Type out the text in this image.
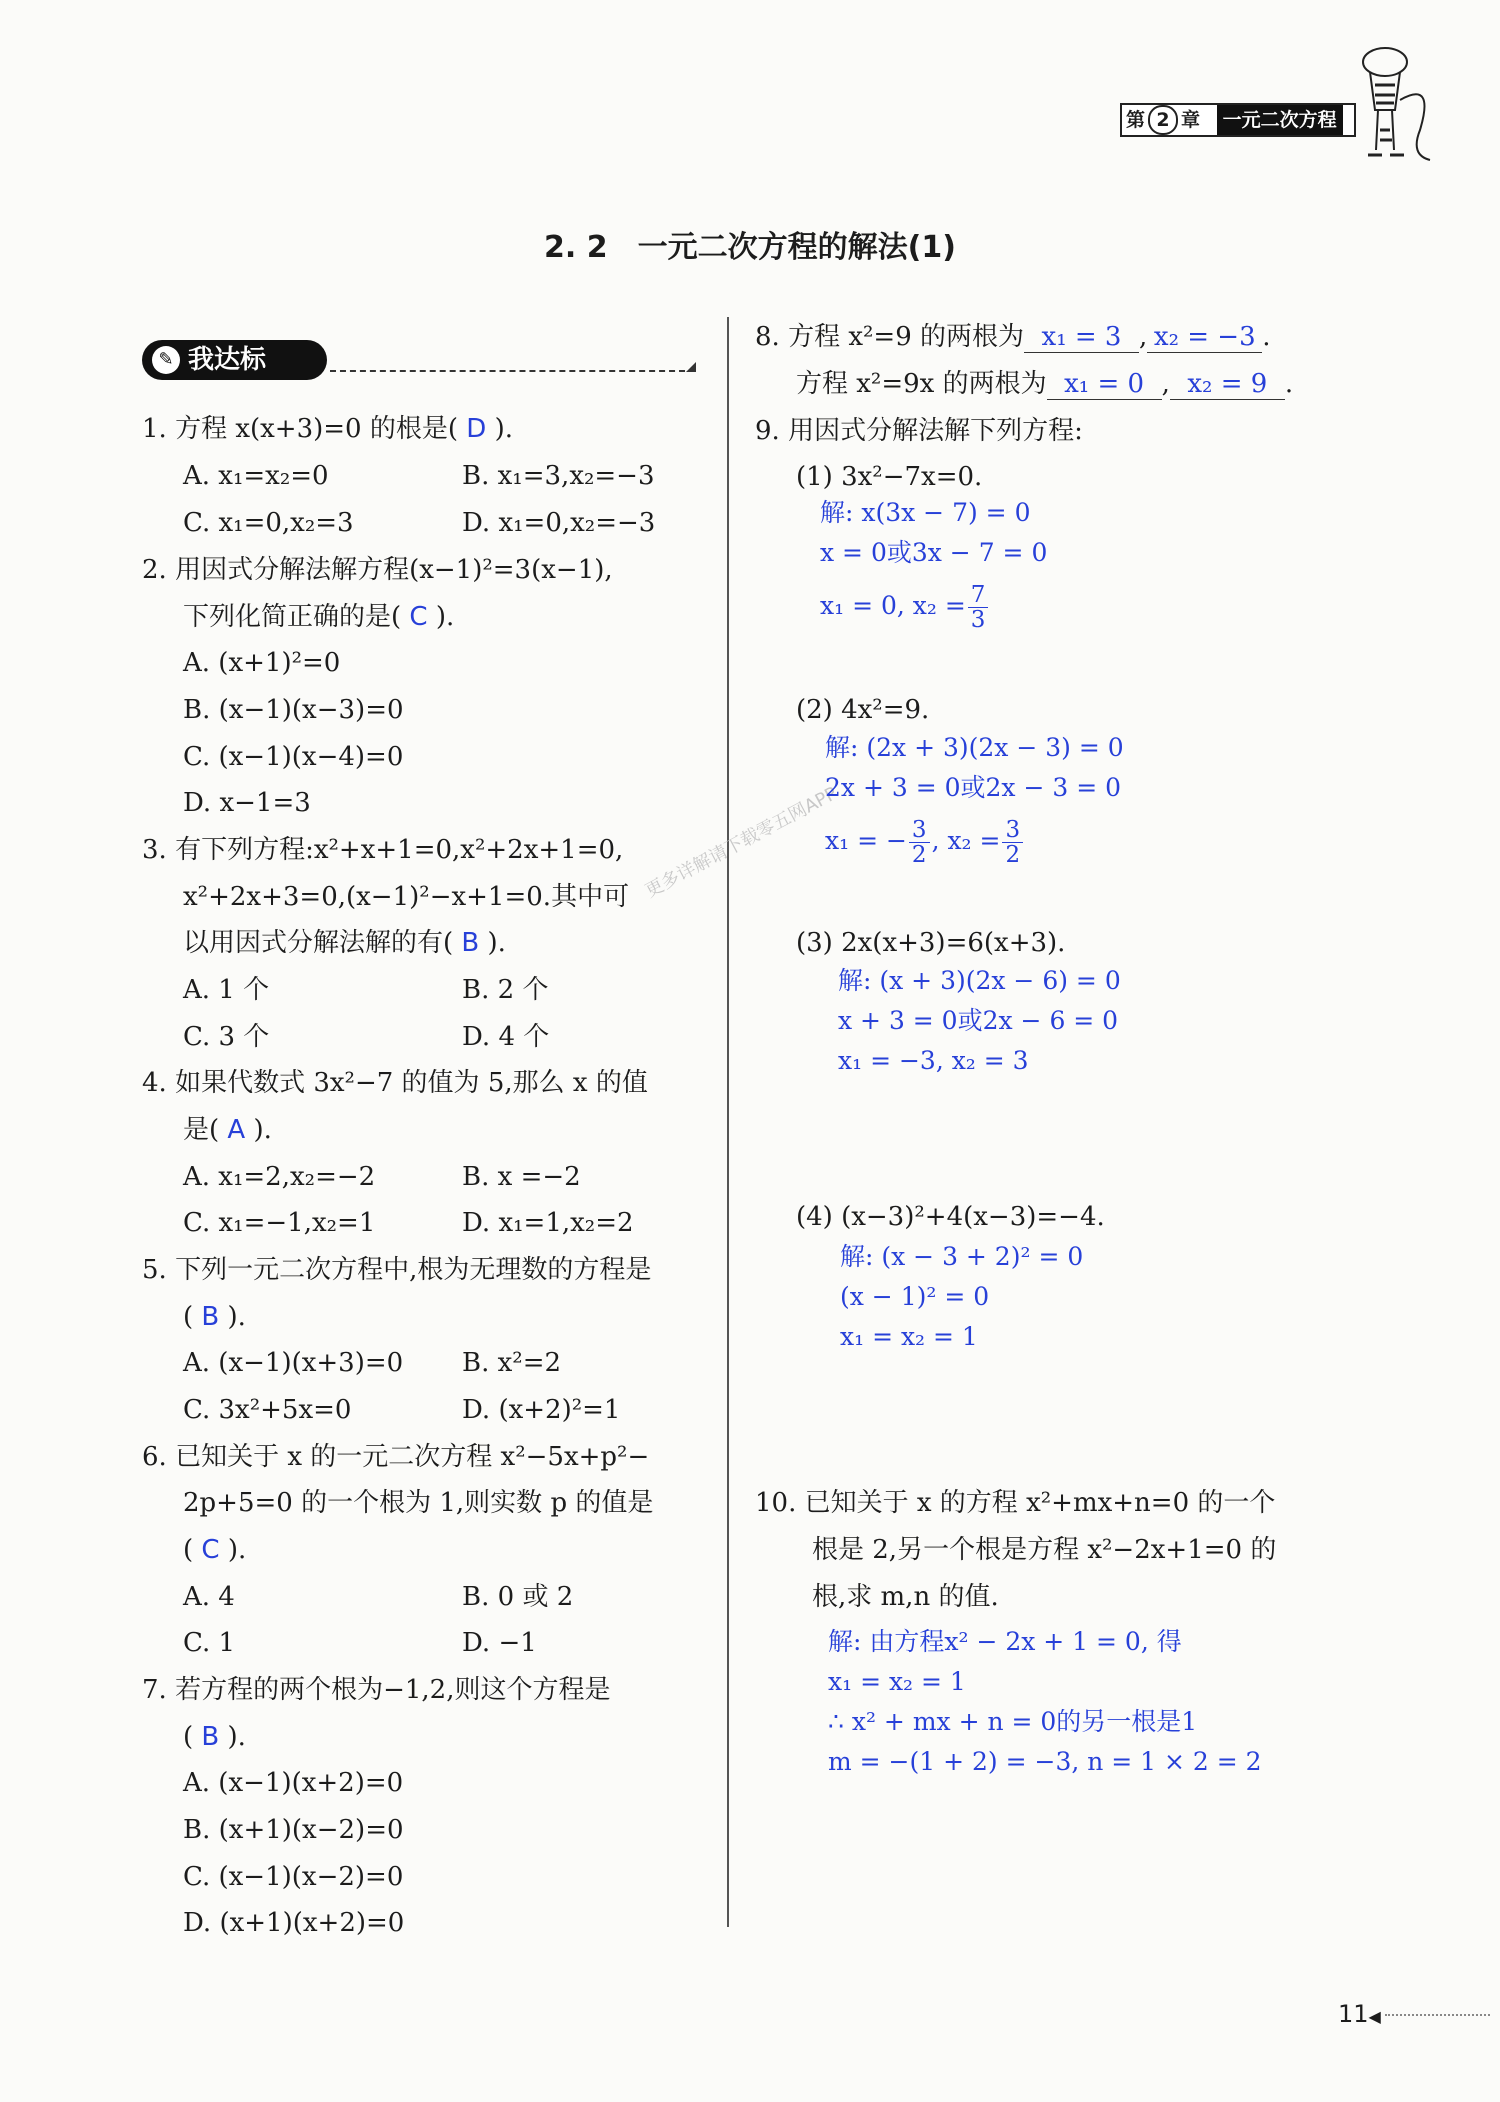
第 2 章 一元二次方程
2. 2　一元二次方程的解法(1)
✎ 我达标
更多详解请下载零五网APP
1. 方程 x(x+3)=0 的根是( D ).
A. x₁=x₂=0	B. x₁=3,x₂=−3
C. x₁=0,x₂=3	D. x₁=0,x₂=−3
2. 用因式分解法解方程(x−1)²=3(x−1),
下列化简正确的是( C ).
A. (x+1)²=0
B. (x−1)(x−3)=0
C. (x−1)(x−4)=0
D. x−1=3
3. 有下列方程:x²+x+1=0,x²+2x+1=0,
x²+2x+3=0,(x−1)²−x+1=0.其中可
以用因式分解法解的有( B ).
A. 1 个	B. 2 个
C. 3 个	D. 4 个
4. 如果代数式 3x²−7 的值为 5,那么 x 的值
是( A ).
A. x₁=2,x₂=−2	B. x =−2
C. x₁=−1,x₂=1	D. x₁=1,x₂=2
5. 下列一元二次方程中,根为无理数的方程是
( B ).
A. (x−1)(x+3)=0 B. x²=2
C. 3x²+5x=0	D. (x+2)²=1
6. 已知关于 x 的一元二次方程 x²−5x+p²−
2p+5=0 的一个根为 1,则实数 p 的值是
( C ).
A. 4	B. 0 或 2
C. 1	D. −1
7. 若方程的两个根为−1,2,则这个方程是
( B ).
A. (x−1)(x+2)=0
B. (x+1)(x−2)=0
C. (x−1)(x−2)=0
D. (x+1)(x+2)=0
8. 方程 x²=9 的两根为 x₁ = 3 , x₂ = −3 .
方程 x²=9x 的两根为 x₁ = 0 , x₂ = 9 .
9. 用因式分解法解下列方程:
(1) 3x²−7x=0.
解: x(3x − 7) = 0
x = 0或3x − 7 = 0
x₁ = 0, $x_2 = \frac{7}{3}$
(2) 4x²=9.
解: (2x + 3)(2x − 3) = 0
2x + 3 = 0或2x − 3 = 0
x₁ = − $\frac{3}{2}$ , $x_2 = \frac{3}{2}$
(3) 2x(x+3)=6(x+3).
解: (x + 3)(2x − 6) = 0
x + 3 = 0或2x − 6 = 0
x₁ = −3, x₂ = 3
(4) (x−3)²+4(x−3)=−4.
解: (x − 3 + 2)² = 0
(x − 1)² = 0
x₁ = x₂ = 1
10. 已知关于 x 的方程 x²+mx+n=0 的一个
根是 2,另一个根是方程 x²−2x+1=0 的
根,求 m,n 的值.
解: 由方程x² − 2x + 1 = 0, 得
x₁ = x₂ = 1
∴ x² + mx + n = 0的另一根是1
m = −(1 + 2) = −3, n = 1 × 2 = 2
11◀
